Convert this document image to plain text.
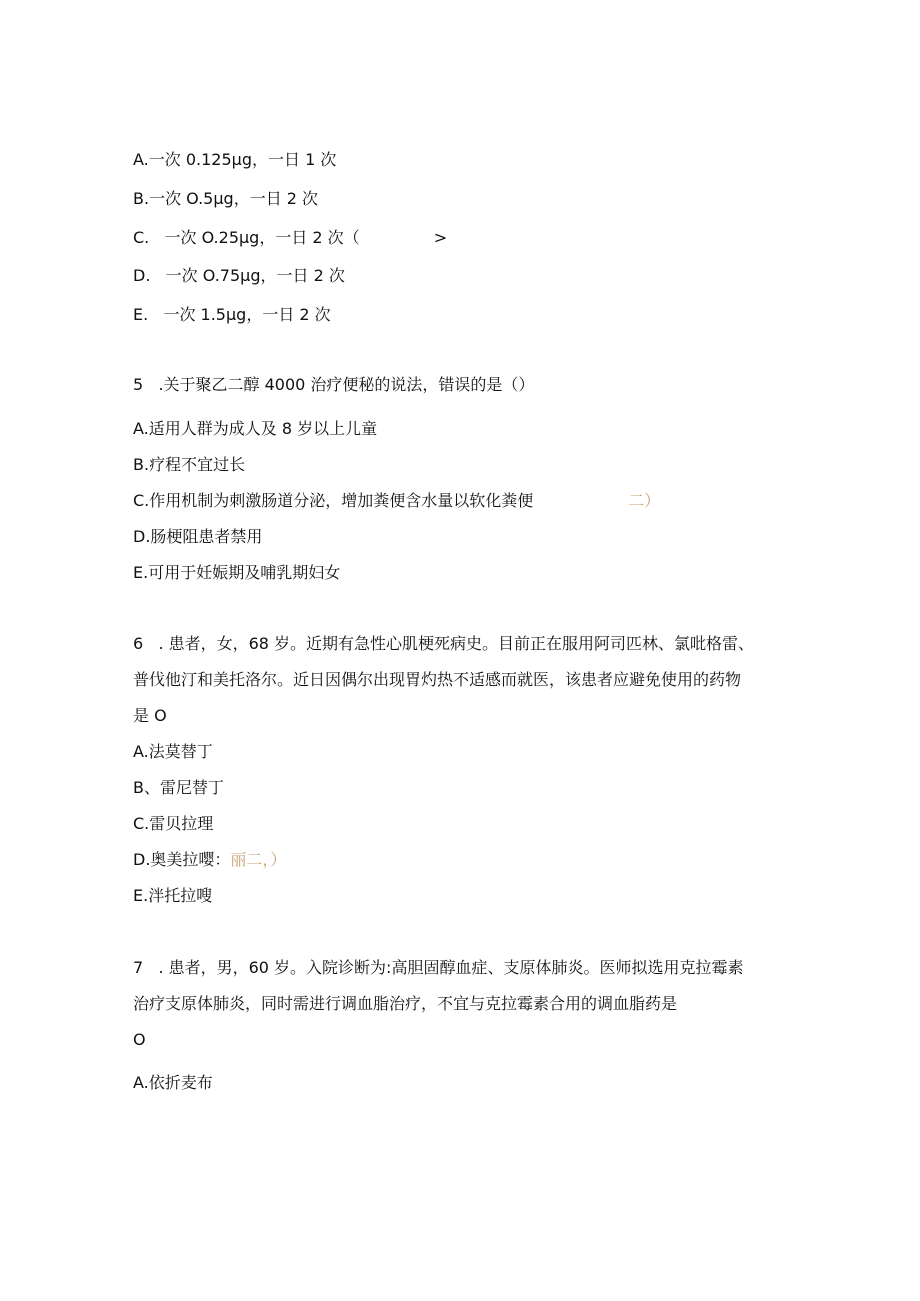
A.一次 0.125μg，一日 1 次
B.一次 O.5μg，一日 2 次
C.   一次 O.25μg，一日 2 次（	>
D.   一次 O.75μg，一日 2 次
E.   一次 1.5μg，一日 2 次
5   .关于聚乙二醇 4000 治疗便秘的说法，错误的是（）
A.适用人群为成人及 8 岁以上儿童
B.疗程不宜过长
C.作用机制为刺激肠道分泌，增加粪便含水量以软化粪便	二）
D.肠梗阻患者禁用
E.可用于妊娠期及哺乳期妇女
6   . 患者，女，68 岁。近期有急性心肌梗死病史。目前正在服用阿司匹林、氯吡格雷、
普伐他汀和美托洛尔。近日因偶尔出现胃灼热不适感而就医，该患者应避免使用的药物
是 O
A.法莫替丁
B、雷尼替丁
C.雷贝拉理
D.奥美拉嘤：丽二，）
E.泮托拉嗖
7   . 患者，男，60 岁。入院诊断为:高胆固醇血症、支原体肺炎。医师拟选用克拉霉素
治疗支原体肺炎，同时需进行调血脂治疗，不宜与克拉霉素合用的调血脂药是
O
A.依折麦布
